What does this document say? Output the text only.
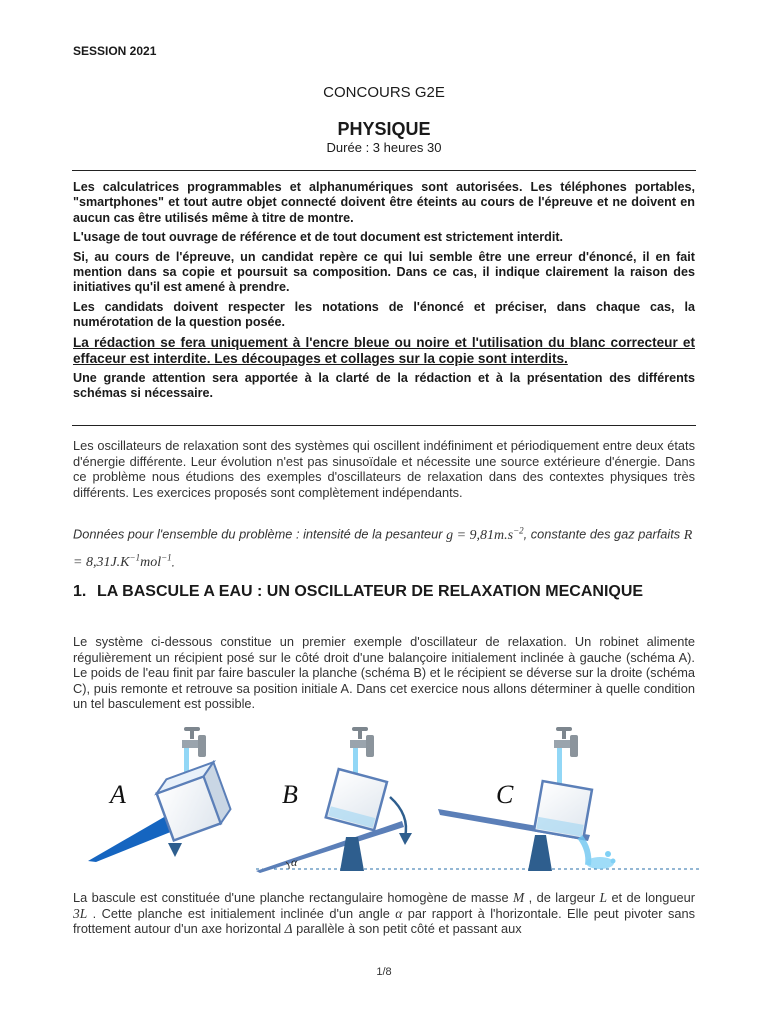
SESSION 2021
CONCOURS G2E
PHYSIQUE
Durée : 3 heures 30

Les calculatrices programmables et alphanumériques sont autorisées. Les téléphones portables, "smartphones" et tout autre objet connecté doivent être éteints au cours de l'épreuve et ne doivent en aucun cas être utilisés même à titre de montre.

L'usage de tout ouvrage de référence et de tout document est strictement interdit.

Si, au cours de l'épreuve, un candidat repère ce qui lui semble être une erreur d'énoncé, il en fait mention dans sa copie et poursuit sa composition. Dans ce cas, il indique clairement la raison des initiatives qu'il est amené à prendre.

Les candidats doivent respecter les notations de l'énoncé et préciser, dans chaque cas, la numérotation de la question posée.

La rédaction se fera uniquement à l'encre bleue ou noire et l'utilisation du blanc correcteur et effaceur est interdite. Les découpages et collages sur la copie sont interdits.

Une grande attention sera apportée à la clarté de la rédaction et à la présentation des différents schémas si nécessaire.

Les oscillateurs de relaxation sont des systèmes qui oscillent indéfiniment et périodiquement entre deux états d'énergie différente. Leur évolution n'est pas sinusoïdale et nécessite une source extérieure d'énergie. Dans ce problème nous étudions des exemples d'oscillateurs de relaxation dans des contextes physiques très différents. Les exercices proposés sont complètement indépendants.
Données pour l'ensemble du problème : intensité de la pesanteur $g = 9,81m.s^{-2}$, constante des gaz parfaits $R = 8,31J.K^{-1}mol^{-1}$.
1. LA BASCULE A EAU : UN OSCILLATEUR DE RELAXATION MECANIQUE
Le système ci-dessous constitue un premier exemple d'oscillateur de relaxation. Un robinet alimente régulièrement un récipient posé sur le côté droit d'une balançoire initialement inclinée à gauche (schéma A). Le poids de l'eau finit par faire basculer la planche (schéma B) et le récipient se déverse sur la droite (schéma C), puis remonte et retrouve sa position initiale A. Dans cet exercice nous allons déterminer à quelle condition un tel basculement est possible.
α
A	B	C
La bascule est constituée d'une planche rectangulaire homogène de masse M , de largeur L et de longueur 3L . Cette planche est initialement inclinée d'un angle α par rapport à l'horizontale. Elle peut pivoter sans frottement autour d'un axe horizontal Δ parallèle à son petit côté et passant aux
1/8
